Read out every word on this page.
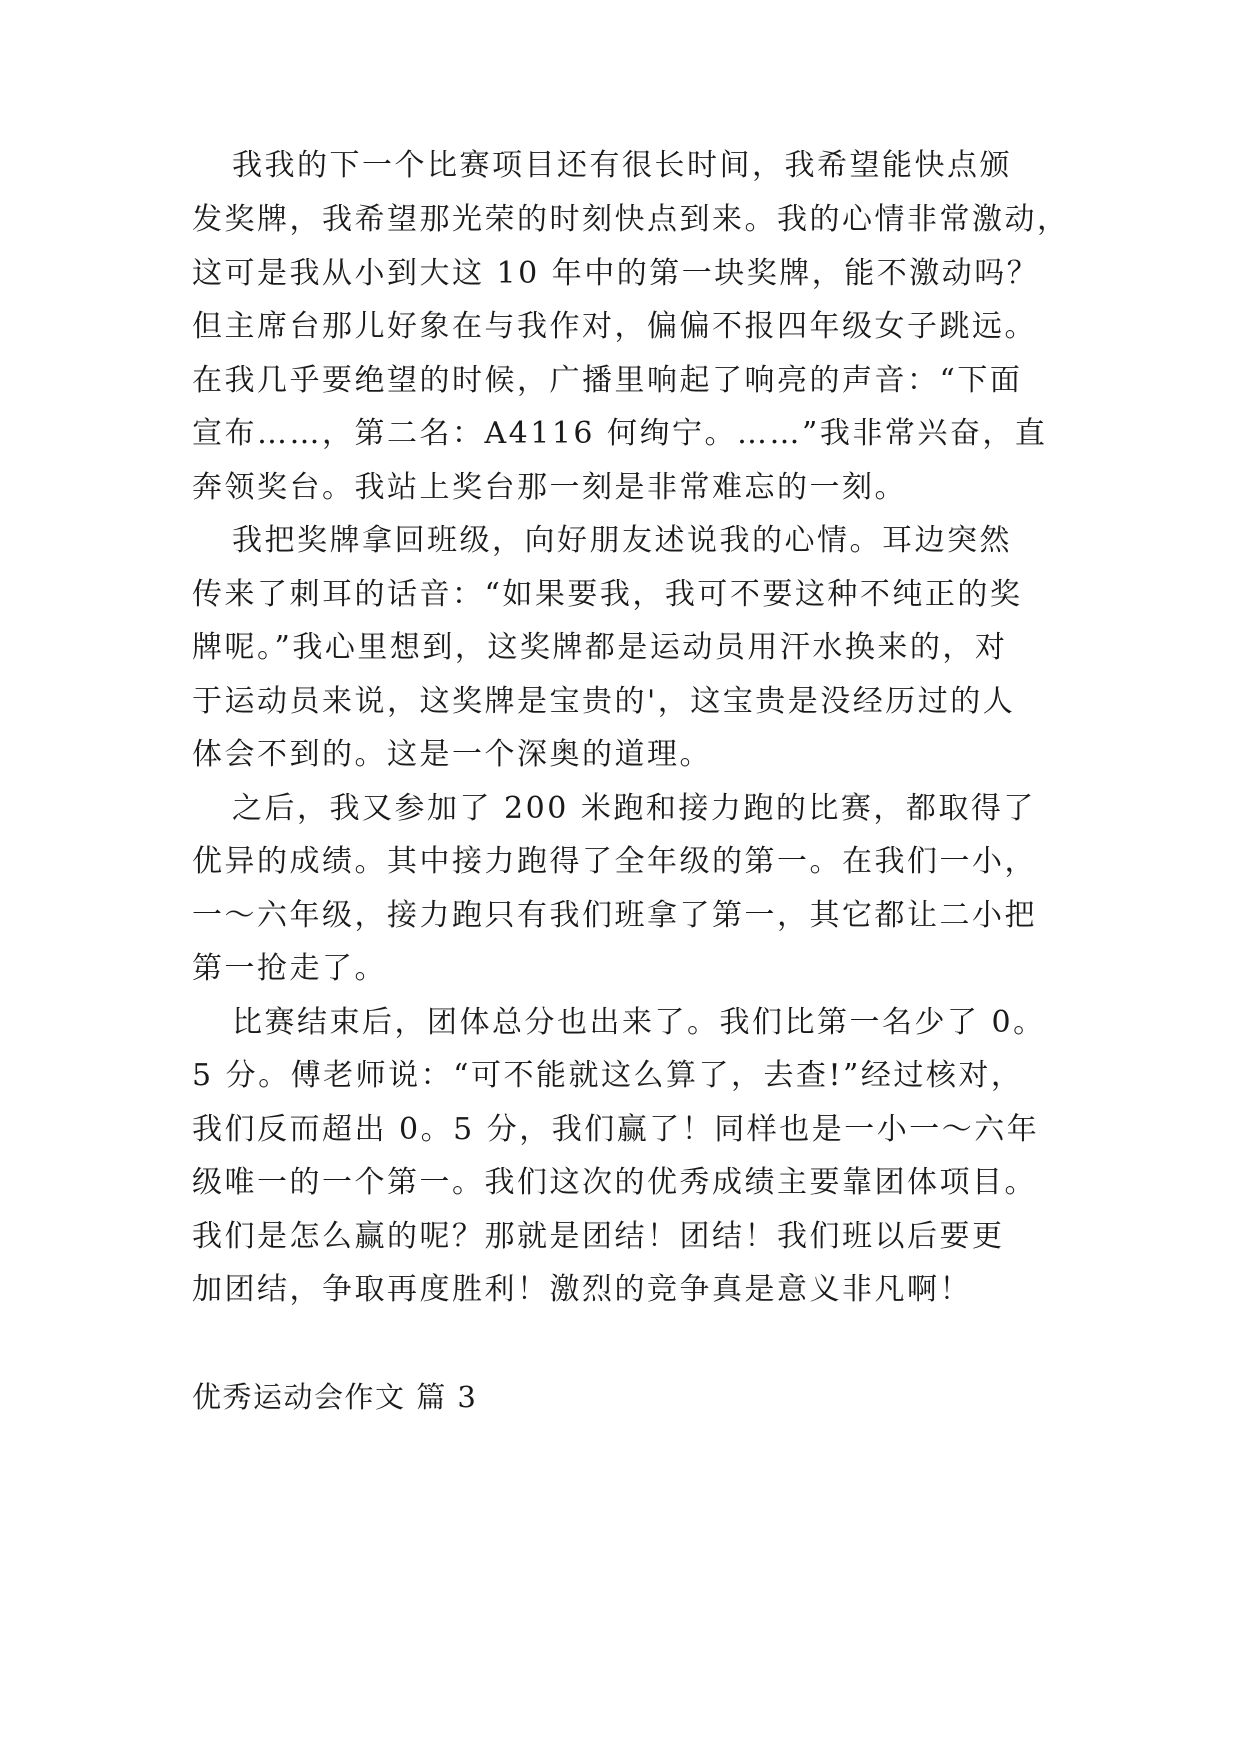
我我的下一个比赛项目还有很长时间，我希望能快点颁
发奖牌，我希望那光荣的时刻快点到来。我的心情非常激动，
这可是我从小到大这 10 年中的第一块奖牌，能不激动吗？
但主席台那儿好象在与我作对，偏偏不报四年级女子跳远。
在我几乎要绝望的时候，广播里响起了响亮的声音：“下面
宣布……，第二名：A4116 何绚宁。……”我非常兴奋，直
奔领奖台。我站上奖台那一刻是非常难忘的一刻。
我把奖牌拿回班级，向好朋友述说我的心情。耳边突然
传来了刺耳的话音：“如果要我，我可不要这种不纯正的奖
牌呢。”我心里想到，这奖牌都是运动员用汗水换来的，对
于运动员来说，这奖牌是宝贵的'，这宝贵是没经历过的人
体会不到的。这是一个深奥的道理。
之后，我又参加了 200 米跑和接力跑的比赛，都取得了
优异的成绩。其中接力跑得了全年级的第一。在我们一小，
一～六年级，接力跑只有我们班拿了第一，其它都让二小把
第一抢走了。
比赛结束后，团体总分也出来了。我们比第一名少了 0。
5 分。傅老师说：“可不能就这么算了，去查!”经过核对，
我们反而超出 0。5 分，我们赢了！同样也是一小一～六年
级唯一的一个第一。我们这次的优秀成绩主要靠团体项目。
我们是怎么赢的呢？那就是团结！团结！我们班以后要更
加团结，争取再度胜利！激烈的竞争真是意义非凡啊！
优秀运动会作文 篇 3
